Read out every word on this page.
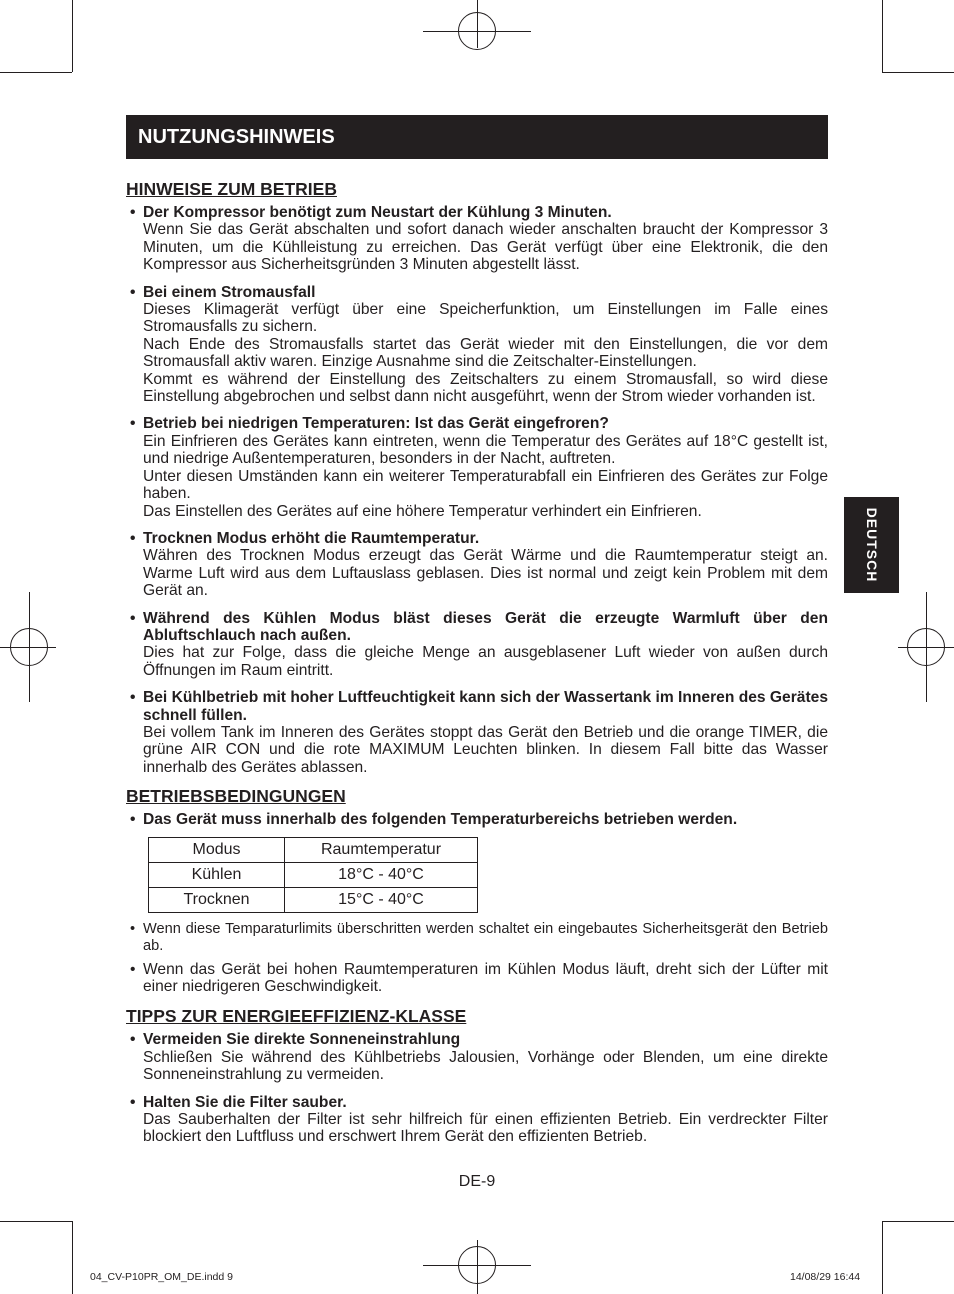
NUTZUNGSHINWEIS
DEUTSCH
HINWEISE ZUM BETRIEB
• Der Kompressor benötigt zum Neustart der Kühlung 3 Minuten.

Wenn Sie das Gerät abschalten und sofort danach wieder anschalten braucht der Kompressor 3 Minuten, um die Kühlleistung zu erreichen. Das Gerät verfügt über eine Elektronik, die den Kompressor aus Sicherheitsgründen 3 Minuten abgestellt lässt.

• Bei einem Stromausfall

Dieses Klimagerät verfügt über eine Speicherfunktion, um Einstellungen im Falle eines Stromausfalls zu sichern.

Nach Ende des Stromausfalls startet das Gerät wieder mit den Einstellungen, die vor dem Stromausfall aktiv waren. Einzige Ausnahme sind die Zeitschalter-Einstellungen.

Kommt es während der Einstellung des Zeitschalters zu einem Stromausfall, so wird diese Einstellung abgebrochen und selbst dann nicht ausgeführt, wenn der Strom wieder vorhanden ist.

• Betrieb bei niedrigen Temperaturen: Ist das Gerät eingefroren?

Ein Einfrieren des Gerätes kann eintreten, wenn die Temperatur des Gerätes auf 18°C gestellt ist, und niedrige Außentemperaturen, besonders in der Nacht, auftreten.

Unter diesen Umständen kann ein weiterer Temperaturabfall ein Einfrieren des Gerätes zur Folge haben.

Das Einstellen des Gerätes auf eine höhere Temperatur verhindert ein Einfrieren.

• Trocknen Modus erhöht die Raumtemperatur.

Währen des Trocknen Modus erzeugt das Gerät Wärme und die Raumtemperatur steigt an. Warme Luft wird aus dem Luftauslass geblasen. Dies ist normal und zeigt kein Problem mit dem Gerät an.

• Während des Kühlen Modus bläst dieses Gerät die erzeugte Warmluft über den Abluftschlauch nach außen.

Dies hat zur Folge, dass die gleiche Menge an ausgeblasener Luft wieder von außen durch Öffnungen im Raum eintritt.

• Bei Kühlbetrieb mit hoher Luftfeuchtigkeit kann sich der Wassertank im Inneren des Gerätes schnell füllen.

Bei vollem Tank im Inneren des Gerätes stoppt das Gerät den Betrieb und die orange TIMER, die grüne AIR CON und die rote MAXIMUM Leuchten blinken. In diesem Fall bitte das Wasser innerhalb des Gerätes ablassen.

BETRIEBSBEDINGUNGEN
• Das Gerät muss innerhalb des folgenden Temperaturbereichs betrieben werden.
Modus	Raumtemperatur
Kühlen	18°C - 40°C
Trocknen	15°C - 40°C
• Wenn diese Temparaturlimits überschritten werden schaltet ein eingebautes Sicherheitsgerät den Betrieb ab.
• Wenn das Gerät bei hohen Raumtemperaturen im Kühlen Modus läuft, dreht sich der Lüfter mit einer niedrigeren Geschwindigkeit.
TIPPS ZUR ENERGIEEFFIZIENZ-KLASSE
• Vermeiden Sie direkte Sonneneinstrahlung

Schließen Sie während des Kühlbetriebs Jalousien, Vorhänge oder Blenden, um eine direkte Sonneneinstrahlung zu vermeiden.

• Halten Sie die Filter sauber.

Das Sauberhalten der Filter ist sehr hilfreich für einen effizienten Betrieb. Ein verdreckter Filter blockiert den Luftfluss und erschwert Ihrem Gerät den effizienten Betrieb.

DE-9
04_CV-P10PR_OM_DE.indd 9	14/08/29 16:44
